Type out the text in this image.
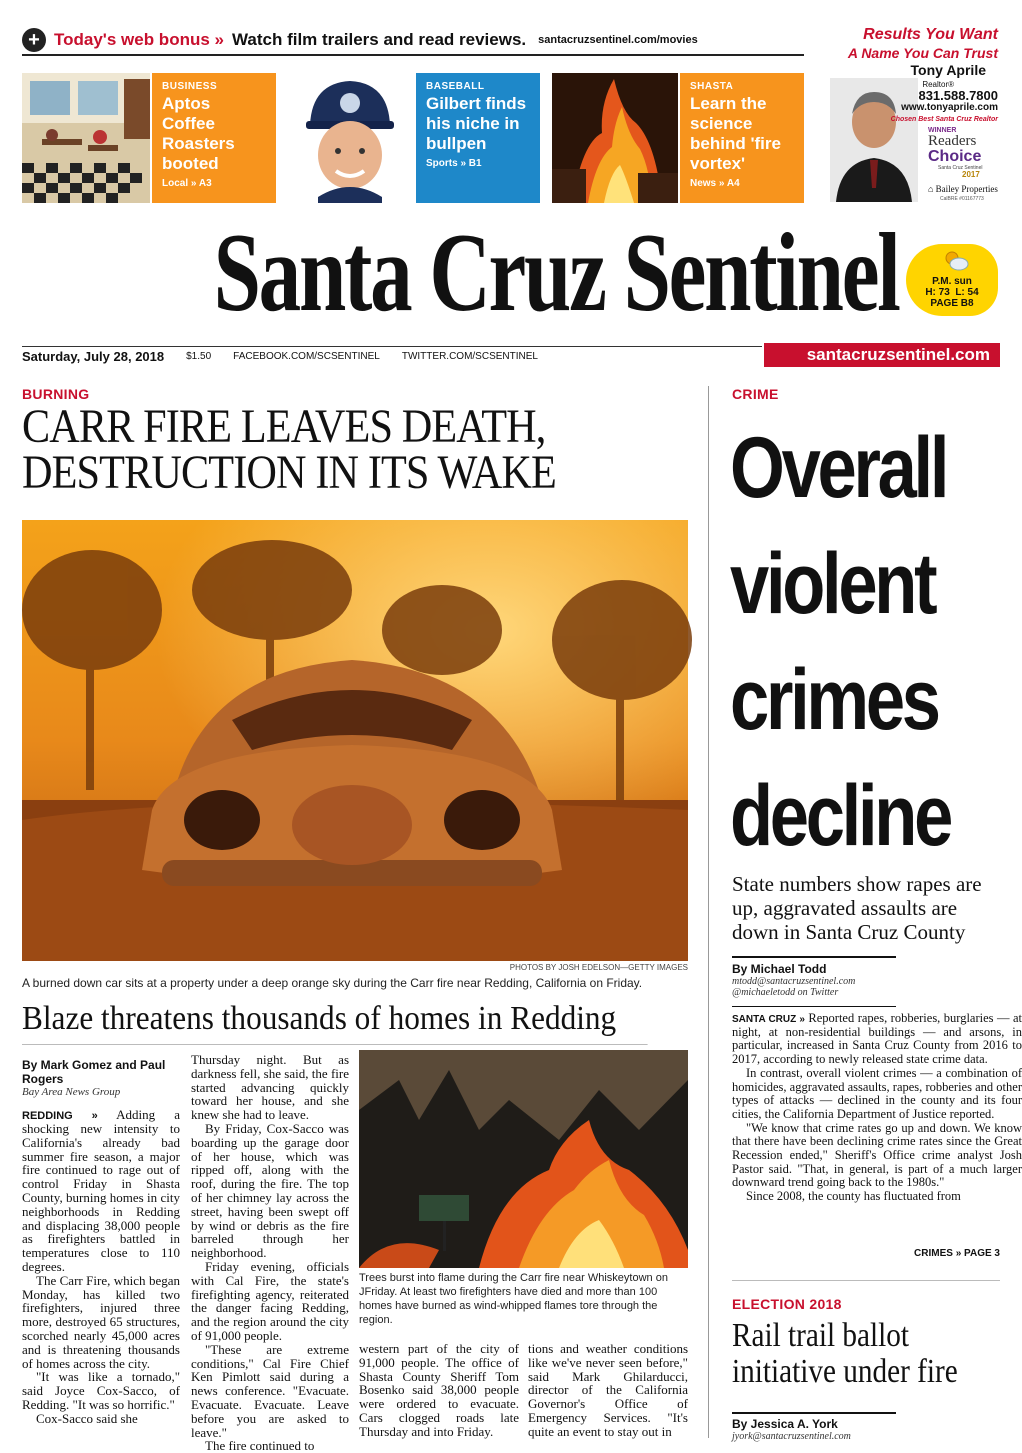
+ Today's web bonus » Watch film trailers and read reviews. santacruzsentinel.com/movies
BUSINESS
Aptos Coffee Roasters booted
Local » A3
BASEBALL
Gilbert finds his niche in bullpen
Sports » B1
SHASTA
Learn the science behind 'fire vortex'
News » A4
Results You Want
A Name You Can Trust
Tony Aprile
Realtor®
831.588.7800
www.tonyaprile.com
Chosen Best Santa Cruz Realtor
WINNER
Readers
Choice
Santa Cruz Sentinel
2017
⌂ Bailey Properties
CalBRE #01167773
Santa Cruz Sentinel	P.M. sun
H: 73 L: 54
PAGE B8
Saturday, July 28, 2018 $1.50 FACEBOOK.COM/SCSENTINEL TWITTER.COM/SCSENTINEL	santacruzsentinel.com
BURNING
CARR FIRE LEAVES DEATH,
DESTRUCTION IN ITS WAKE
PHOTOS BY JOSH EDELSON—GETTY IMAGES
A burned down car sits at a property under a deep orange sky during the Carr fire near Redding, California on Friday.
Blaze threatens thousands of homes in Redding
By Mark Gomez and Paul Rogers
Bay Area News Group

REDDING » Adding a shocking new intensity to California's already bad summer fire season, a major fire continued to rage out of control Friday in Shasta County, burning homes in city neighborhoods in Redding and displacing 38,000 people as firefighters battled in temperatures close to 110 degrees.

The Carr Fire, which began Monday, has killed two firefighters, injured three more, destroyed 65 structures, scorched nearly 45,000 acres and is threatening thousands of homes across the city.

"It was like a tornado," said Joyce Cox-Sacco, of Redding. "It was so horrific."

Cox-Sacco said she

Thursday night. But as darkness fell, she said, the fire started advancing quickly toward her house, and she knew she had to leave.

By Friday, Cox-Sacco was boarding up the garage door of her house, which was ripped off, along with the roof, during the fire. The top of her chimney lay across the street, having been swept off by wind or debris as the fire barreled through her neighborhood.

Friday evening, officials with Cal Fire, the state's firefighting agency, reiterated the danger facing Redding, and the region around the city of 91,000 people.

"These are extreme conditions," Cal Fire Chief Ken Pimlott said during a news conference. "Evacuate. Evacuate. Evacuate. Leave before you are asked to leave."

The fire continued to

Trees burst into flame during the Carr fire near Whiskeytown on JFriday. At least two firefighters have died and more than 100 homes have burned as wind-whipped flames tore through the region.

western part of the city of 91,000 people. The office of Shasta County Sheriff Tom Bosenko said 38,000 people were ordered to evacuate. Cars clogged roads late Thursday and into Friday.

tions and weather conditions like we've never seen before," said Mark Ghilarducci, director of the California Governor's Office of Emergency Services. "It's quite an event to stay out in

CRIME
Overall
violent
crimes
decline
State numbers show rapes are up, aggravated assaults are down in Santa Cruz County
By Michael Todd
mtodd@santacruzsentinel.com
@michaeletodd on Twitter

SANTA CRUZ » Reported rapes, robberies, burglaries — at night, at non-residential buildings — and arsons, in particular, increased in Santa Cruz County from 2016 to 2017, according to newly released state crime data.

In contrast, overall violent crimes — a combination of homicides, aggravated assaults, rapes, robberies and other types of attacks — declined in the county and its four cities, the California Department of Justice reported.

"We know that crime rates go up and down. We know that there have been declining crime rates since the Great Recession ended," Sheriff's Office crime analyst Josh Pastor said. "That, in general, is part of a much larger downward trend going back to the 1980s."

Since 2008, the county has fluctuated from

CRIMES » PAGE 3
ELECTION 2018
Rail trail ballot
initiative under fire
By Jessica A. York
jyork@santacruzsentinel.com
